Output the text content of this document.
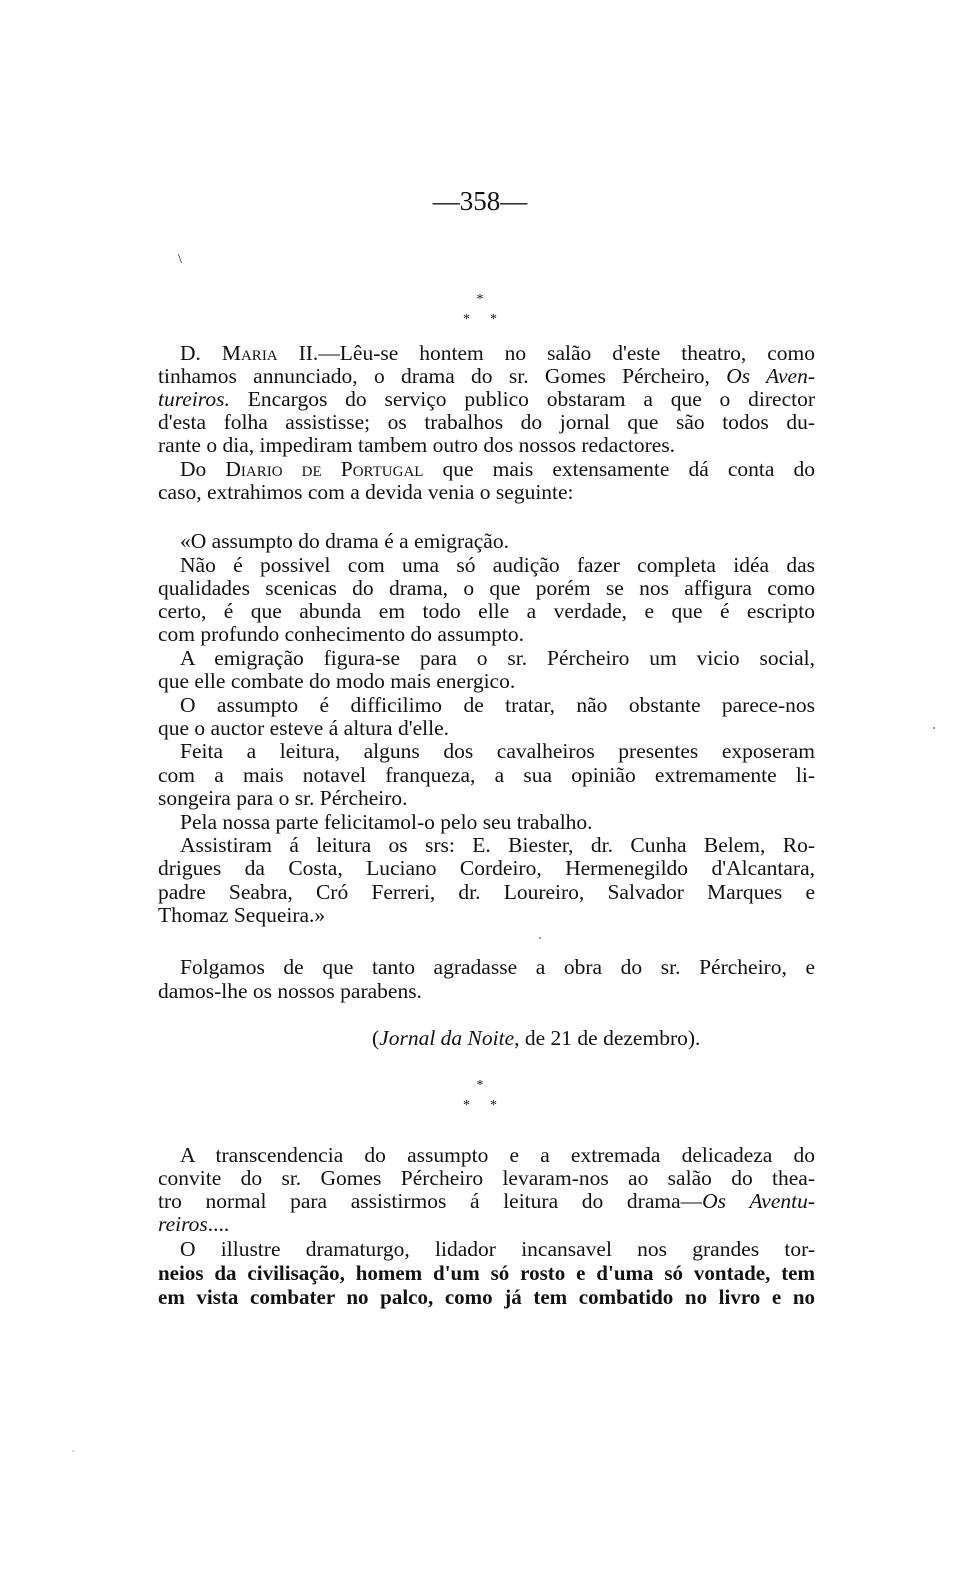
—358—
\
*
* *
D. Maria II.—Lêu-se hontem no salão d'este theatro, como
tinhamos annunciado, o drama do sr. Gomes Pércheiro, Os Aven-
tureiros. Encargos do serviço publico obstaram a que o director
d'esta folha assistisse; os trabalhos do jornal que são todos du-
rante o dia, impediram tambem outro dos nossos redactores.
Do Diario de Portugal que mais extensamente dá conta do
caso, extrahimos com a devida venia o seguinte:
«O assumpto do drama é a emigração.
Não é possivel com uma só audição fazer completa idéa das
qualidades scenicas do drama, o que porém se nos affigura como
certo, é que abunda em todo elle a verdade, e que é escripto
com profundo conhecimento do assumpto.
A emigração figura-se para o sr. Pércheiro um vicio social,
que elle combate do modo mais energico.
O assumpto é difficilimo de tratar, não obstante parece-nos
que o auctor esteve á altura d'elle.
Feita a leitura, alguns dos cavalheiros presentes exposeram
com a mais notavel franqueza, a sua opinião extremamente li-
songeira para o sr. Pércheiro.
Pela nossa parte felicitamol-o pelo seu trabalho.
Assistiram á leitura os srs: E. Biester, dr. Cunha Belem, Ro-
drigues da Costa, Luciano Cordeiro, Hermenegildo d'Alcantara,
padre Seabra, Cró Ferreri, dr. Loureiro, Salvador Marques e
Thomaz Sequeira.»
Folgamos de que tanto agradasse a obra do sr. Pércheiro, e
damos-lhe os nossos parabens.
(Jornal da Noite, de 21 de dezembro).
*
* *
A transcendencia do assumpto e a extremada delicadeza do
convite do sr. Gomes Pércheiro levaram-nos ao salão do thea-
tro normal para assistirmos á leitura do drama—Os Aventu-
reiros....
O illustre dramaturgo, lidador incansavel nos grandes tor-
neios da civilisação, homem d'um só rosto e d'uma só vontade, tem
em vista combater no palco, como já tem combatido no livro e no
